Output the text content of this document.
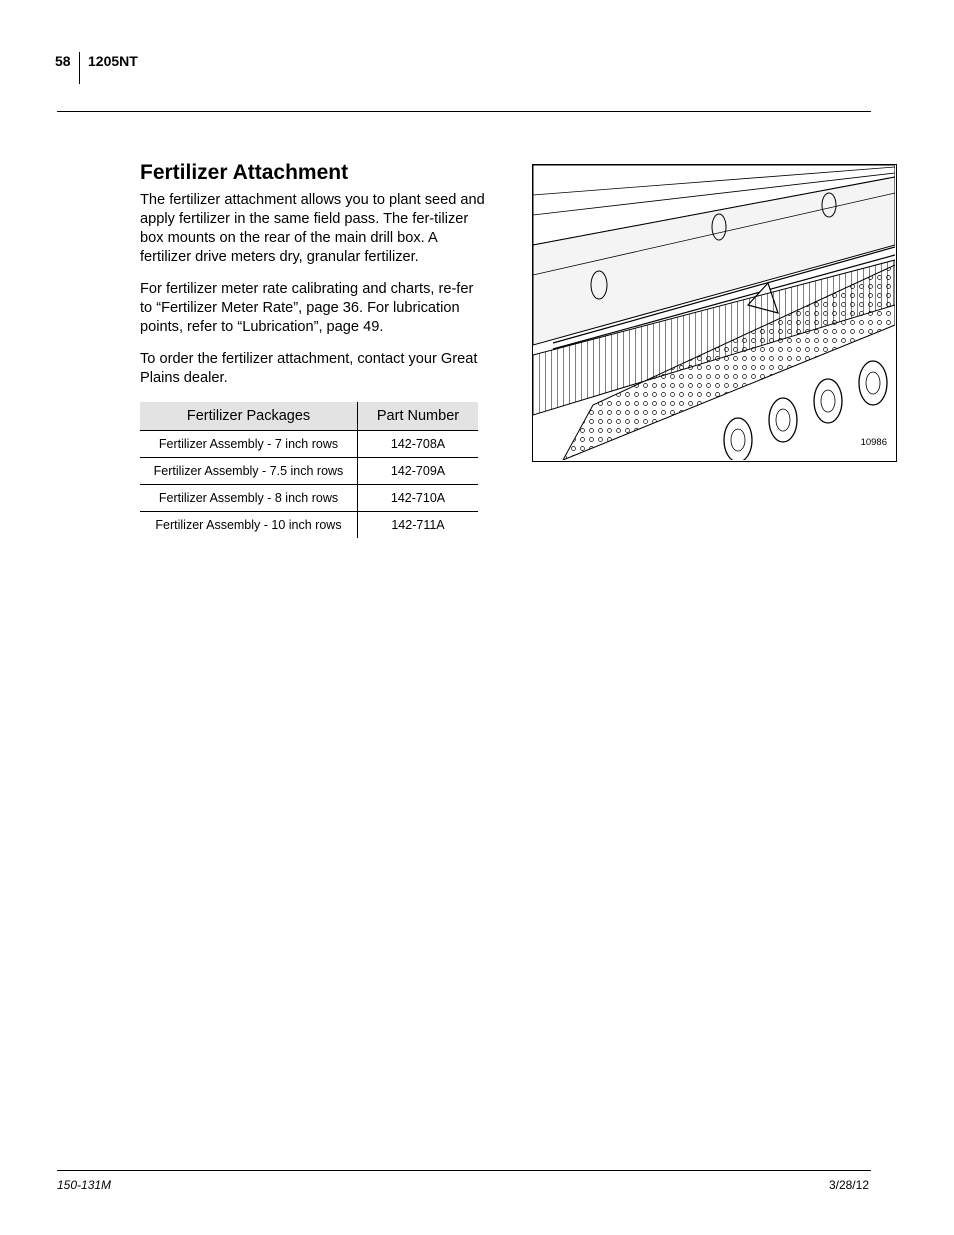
58 1205NT
Fertilizer Attachment

The fertilizer attachment allows you to plant seed and apply fertilizer in the same field pass. The fer-tilizer box mounts on the rear of the main drill box. A fertilizer drive meters dry, granular fertilizer.

For fertilizer meter rate calibrating and charts, re-fer to “Fertilizer Meter Rate”, page 36. For lubrication points, refer to “Lubrication”, page 49.

To order the fertilizer attachment, contact your Great Plains dealer.

Fertilizer Packages	Part Number
Fertilizer Assembly - 7 inch rows	142-708A
Fertilizer Assembly - 7.5 inch rows	142-709A
Fertilizer Assembly - 8 inch rows	142-710A
Fertilizer Assembly - 10 inch rows	142-711A
10986
150-131M	3/28/12
